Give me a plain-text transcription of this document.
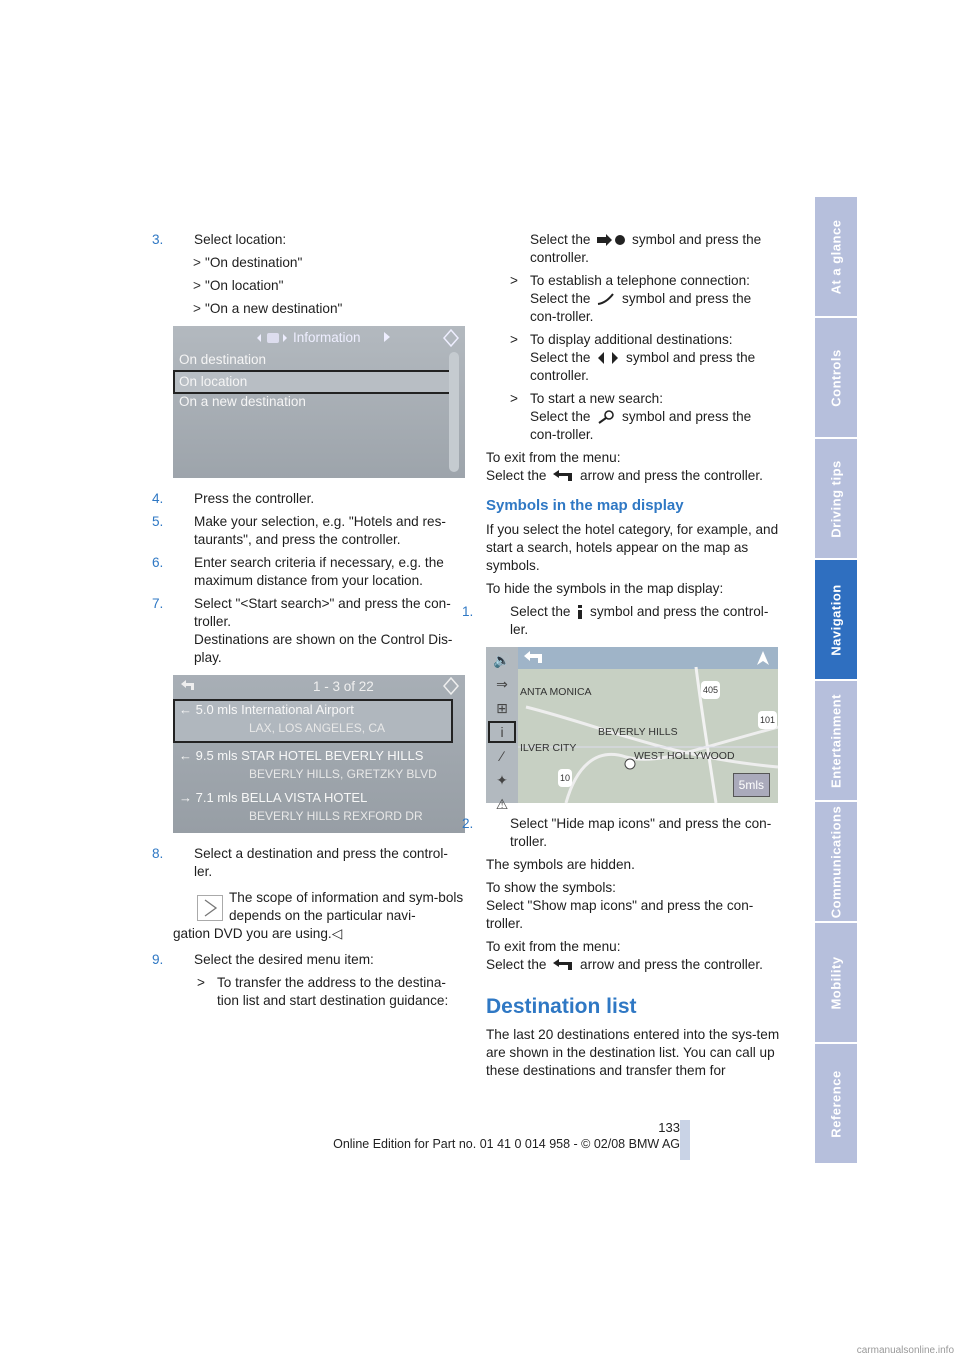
3. Select location:

> "On destination"

> "On location"

> "On a new destination"

Information
On destination
On location
On a new destination

4. Press the controller.

5. Make your selection, e.g. "Hotels and res-taurants", and press the controller.

6. Enter search criteria if necessary, e.g. the maximum distance from your location.

7. Select "<Start search>" and press the con-troller.

Destinations are shown on the Control Dis-play.

1 - 3 of 22
← 5.0 mls International Airport
LAX, LOS ANGELES, CA
← 9.5 mls STAR HOTEL BEVERLY HILLS
BEVERLY HILLS, GRETZKY BLVD
→ 7.1 mls BELLA VISTA HOTEL
BEVERLY HILLS REXFORD DR

8. Select a destination and press the control-ler.

The scope of information and sym-bols depends on the particular navi-

gation DVD you are using.◁

9. Select the desired menu item:

> To transfer the address to the destina-tion list and start destination guidance:

Select the	symbol and press the controller.

> To establish a telephone connection:
Select the symbol and press the con-troller.

> To display additional destinations:
Select the	symbol and press the controller.

> To start a new search:
Select the symbol and press the con-troller.

To exit from the menu:

Select the arrow and press the controller.

Symbols in the map display

If you select the hotel category, for example, and start a search, hotels appear on the map as symbols.

To hide the symbols in the map display:

1.	Select the symbol and press the control-ler.

🔊
⇒
⊞
i
∕
✦
⚠
ANTA MONICA
BEVERLY HILLS
ILVER CITY
WEST HOLLYWOOD
405
101
10	5mls

2.	Select "Hide map icons" and press the con-troller.

The symbols are hidden.

To show the symbols:

Select "Show map icons" and press the con-troller.

To exit from the menu:

Select the arrow and press the controller.

Destination list

The last 20 destinations entered into the sys-tem are shown in the destination list. You can call up these destinations and transfer them for

At a glance
Controls
Driving tips
Navigation
Entertainment
Communications
Mobility
Reference
133
Online Edition for Part no. 01 41 0 014 958 - © 02/08 BMW AG
carmanualsonline.info
